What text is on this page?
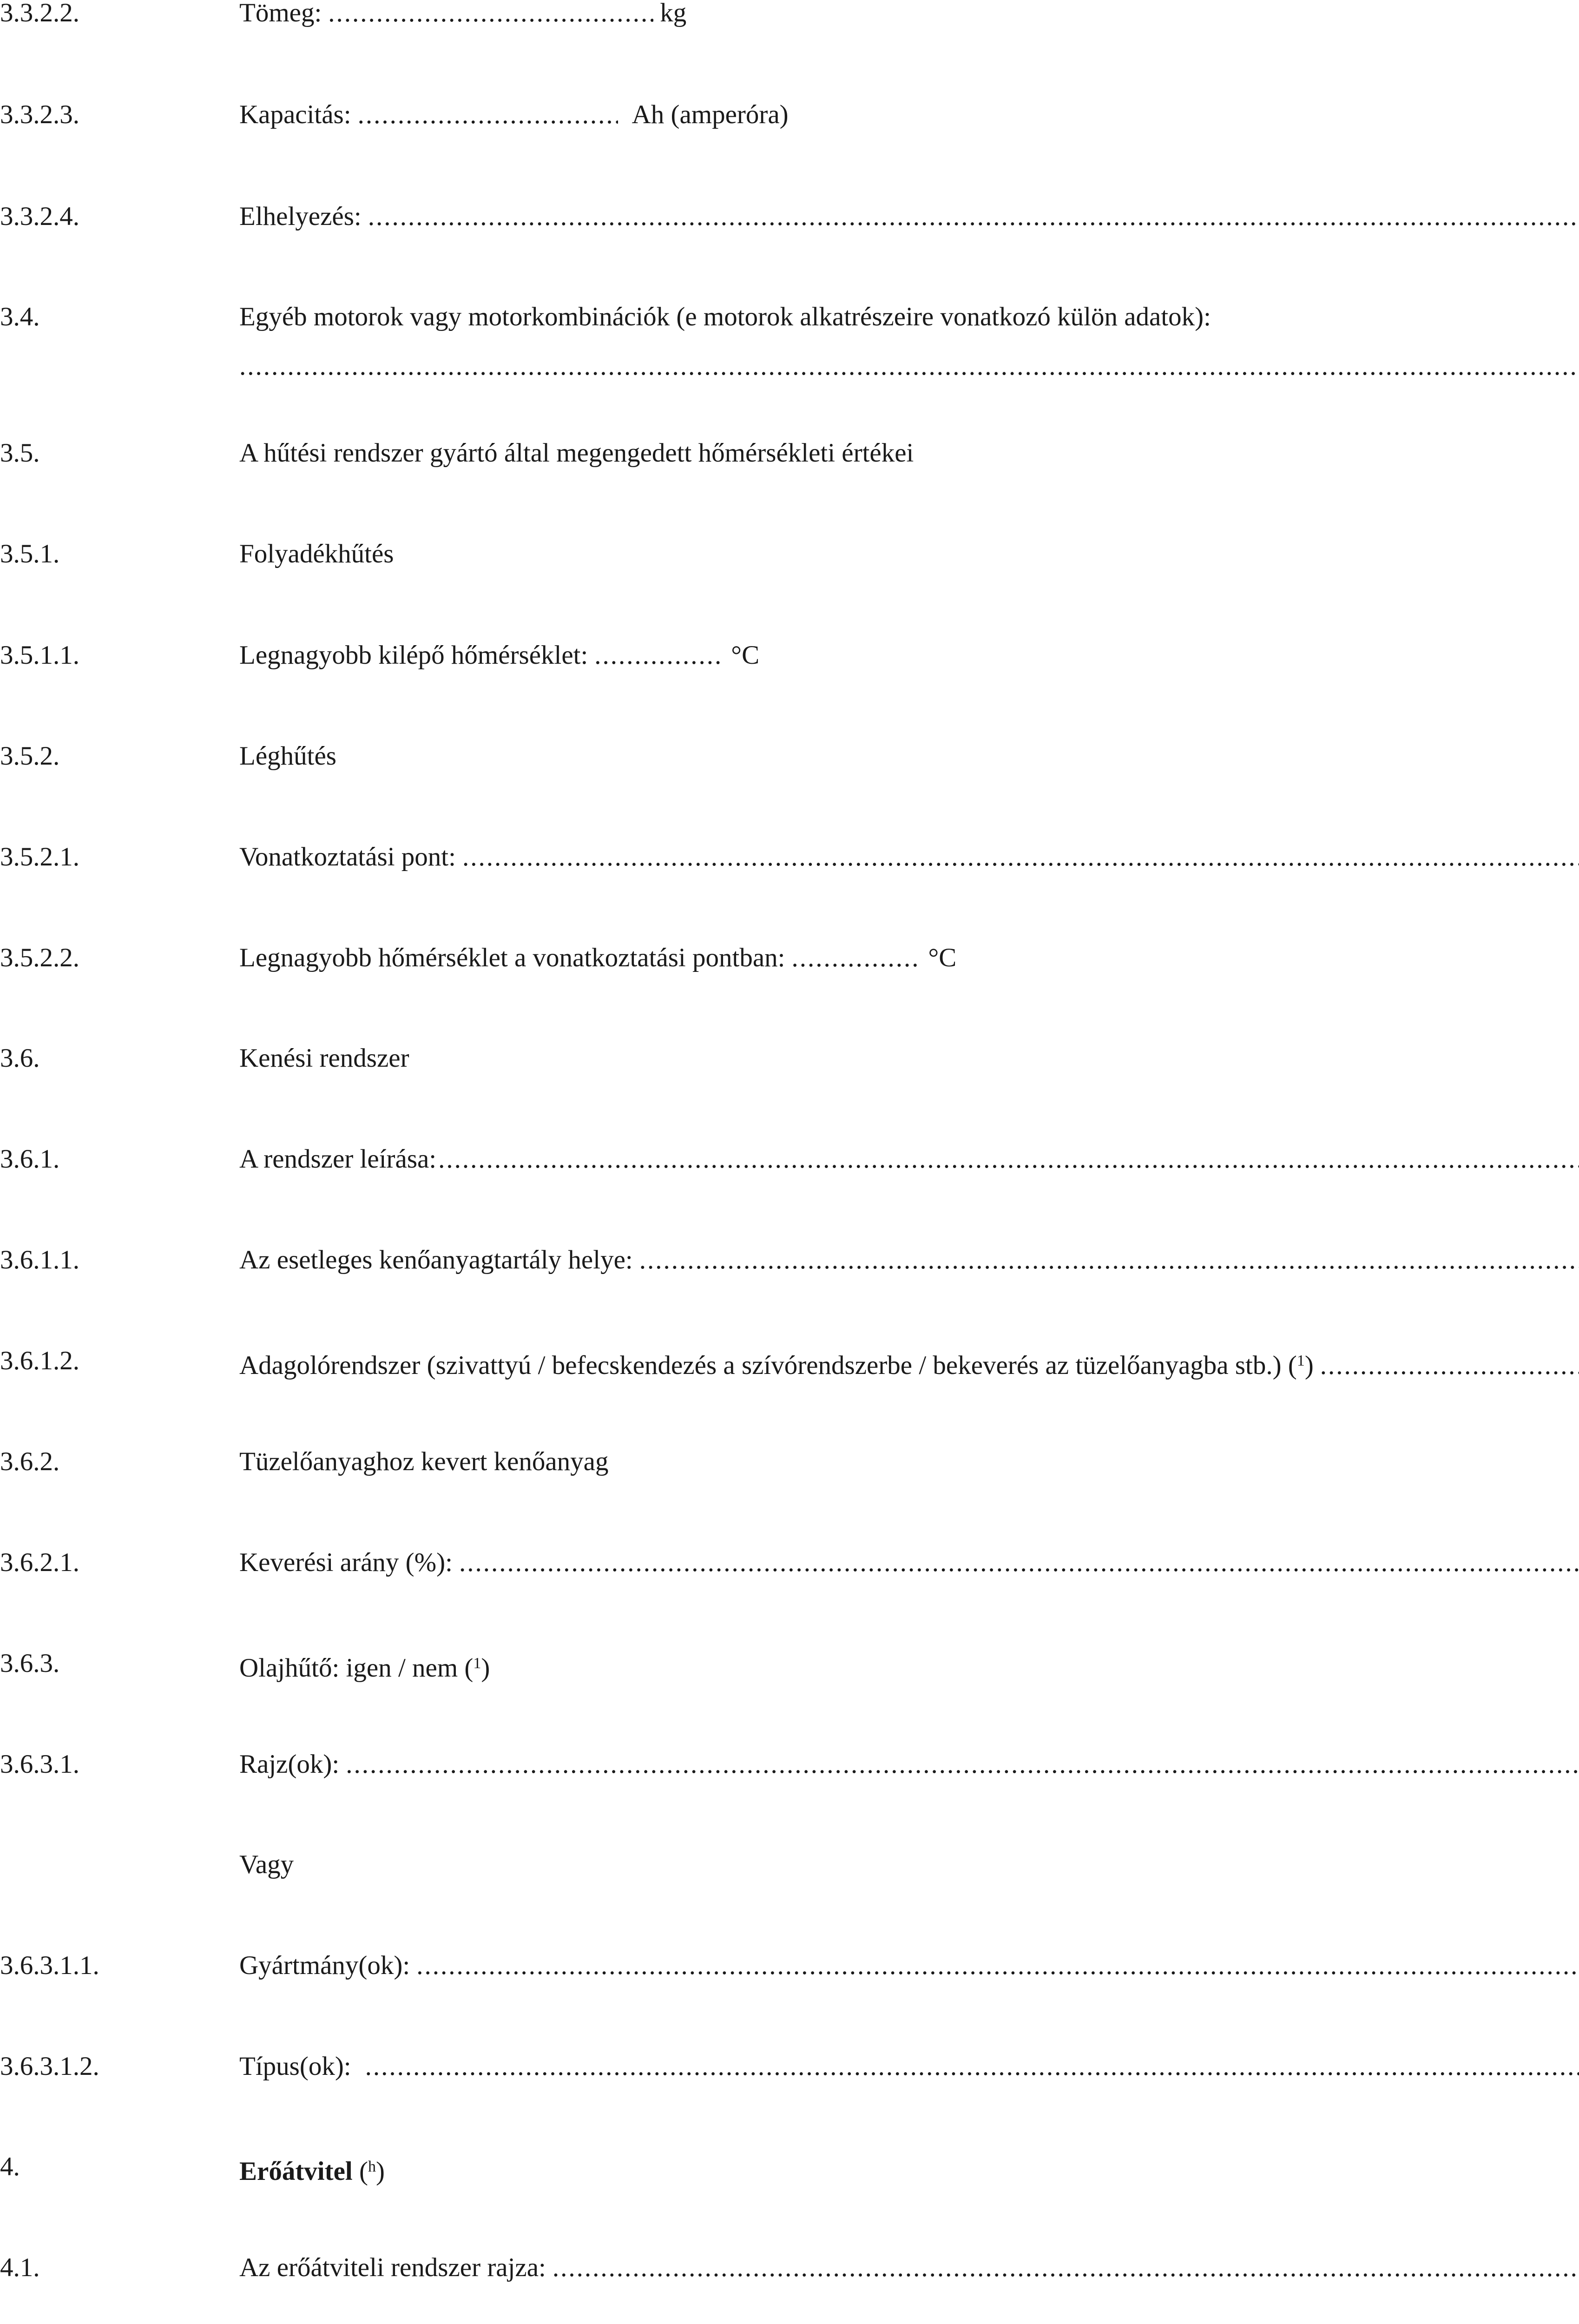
3.3.2.2.	Tömeg: .....	kg
3.3.2.3.	Kapacitás: .....	Ah (amperóra)
3.3.2.4.	Elhelyezés:
.....
3.4.	Egyéb motorok vagy motorkombinációk (e motorok alkatrészeire vonatkozó külön adatok):
.....
3.5.	A hűtési rendszer gyártó által megengedett hőmérsékleti értékei
3.5.1.	Folyadékhűtés
3.5.1.1.	Legnagyobb kilépő hőmérséklet: .....	°C
3.5.2.	Léghűtés
3.5.2.1.	Vonatkoztatási pont:
.....
3.5.2.2.	Legnagyobb hőmérséklet a vonatkoztatási pontban: .....	°C
3.6.	Kenési rendszer
3.6.1.	A rendszer leírása:
.....
3.6.1.1.	Az esetleges kenőanyagtartály helye:
.....
3.6.1.2.	Adagolórendszer (szivattyú / befecskendezés a szívórendszerbe / bekeverés az tüzelőanyagba stb.) ($^1$)
.....
3.6.2.	Tüzelőanyaghoz kevert kenőanyag
3.6.2.1.	Keverési arány (%):
.....
3.6.3.	Olajhűtő: igen / nem ($^1$)
3.6.3.1.	Rajz(ok):
.....
Vagy
3.6.3.1.1.	Gyártmány(ok):
.....
3.6.3.1.2.	Típus(ok):
.....
4.	Erőátvitel ($^h$)
4.1.	Az erőátviteli rendszer rajza:
.....
